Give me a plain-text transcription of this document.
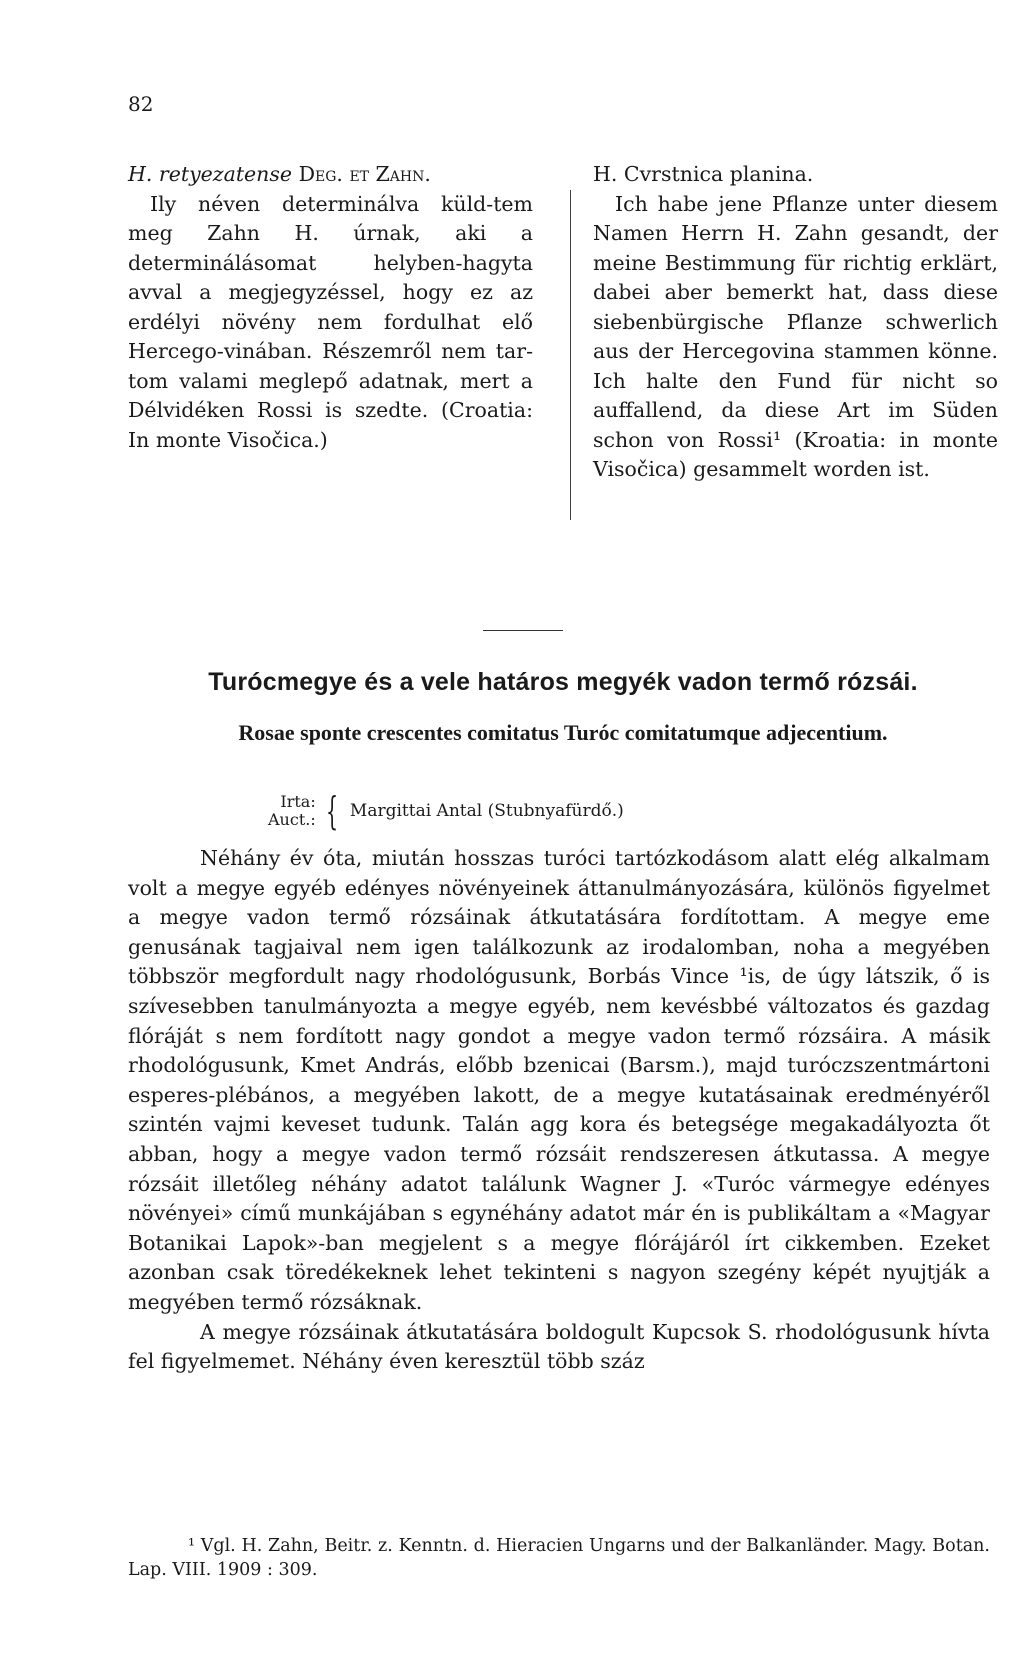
82

H. retyezatense Deg. et Zahn.

Ily néven determinálva küld-tem meg Zahn H. úrnak, aki a determinálásomat helyben-hagyta avval a megjegyzéssel, hogy ez az erdélyi növény nem fordulhat elő Hercego-vinában. Részemről nem tar-tom valami meglepő adatnak, mert a Délvidéken Rossi is szedte. (Croatia: In monte Visočica.)

H. Cvrstnica planina.

Ich habe jene Pflanze unter diesem Namen Herrn H. Zahn gesandt, der meine Bestimmung für richtig erklärt, dabei aber bemerkt hat, dass diese siebenbürgische Pflanze schwerlich aus der Hercegovina stammen könne. Ich halte den Fund für nicht so auffallend, da diese Art im Süden schon von Rossi¹ (Kroatia: in monte Visočica) gesammelt worden ist.

Turócmegye és a vele határos megyék vadon termő rózsái.
Rosae sponte crescentes comitatus Turóc comitatumque adjecentium.
Irta:
Auct.: { Margittai Antal (Stubnyafürdő.)

Néhány év óta, miután hosszas turóci tartózkodásom alatt elég alkalmam volt a megye egyéb edényes növényeinek áttanulmányozására, különös figyelmet a megye vadon termő rózsáinak átkutatására fordítottam. A megye eme genusának tagjaival nem igen találkozunk az irodalomban, noha a megyében többször megfordult nagy rhodológusunk, Borbás Vince ¹is, de úgy látszik, ő is szívesebben tanulmányozta a megye egyéb, nem kevésbbé változatos és gazdag flóráját s nem fordított nagy gondot a megye vadon termő rózsáira. A másik rhodológusunk, Kmet András, előbb bzenicai (Barsm.), majd turóczszentmártoni esperes-plébános, a megyében lakott, de a megye kutatásainak eredményéről szintén vajmi keveset tudunk. Talán agg kora és betegsége megakadályozta őt abban, hogy a megye vadon termő rózsáit rendszeresen átkutassa. A megye rózsáit illetőleg néhány adatot találunk Wagner J. «Turóc vármegye edényes növényei» című munkájában s egynéhány adatot már én is publikáltam a «Magyar Botanikai Lapok»-ban megjelent s a megye flórájáról írt cikkemben. Ezeket azonban csak töredékeknek lehet tekinteni s nagyon szegény képét nyujtják a megyében termő rózsáknak.

A megye rózsáinak átkutatására boldogult Kupcsok S. rhodológusunk hívta fel figyelmemet. Néhány éven keresztül több száz

¹ Vgl. H. Zahn, Beitr. z. Kenntn. d. Hieracien Ungarns und der Balkanländer. Magy. Botan. Lap. VIII. 1909 : 309.
